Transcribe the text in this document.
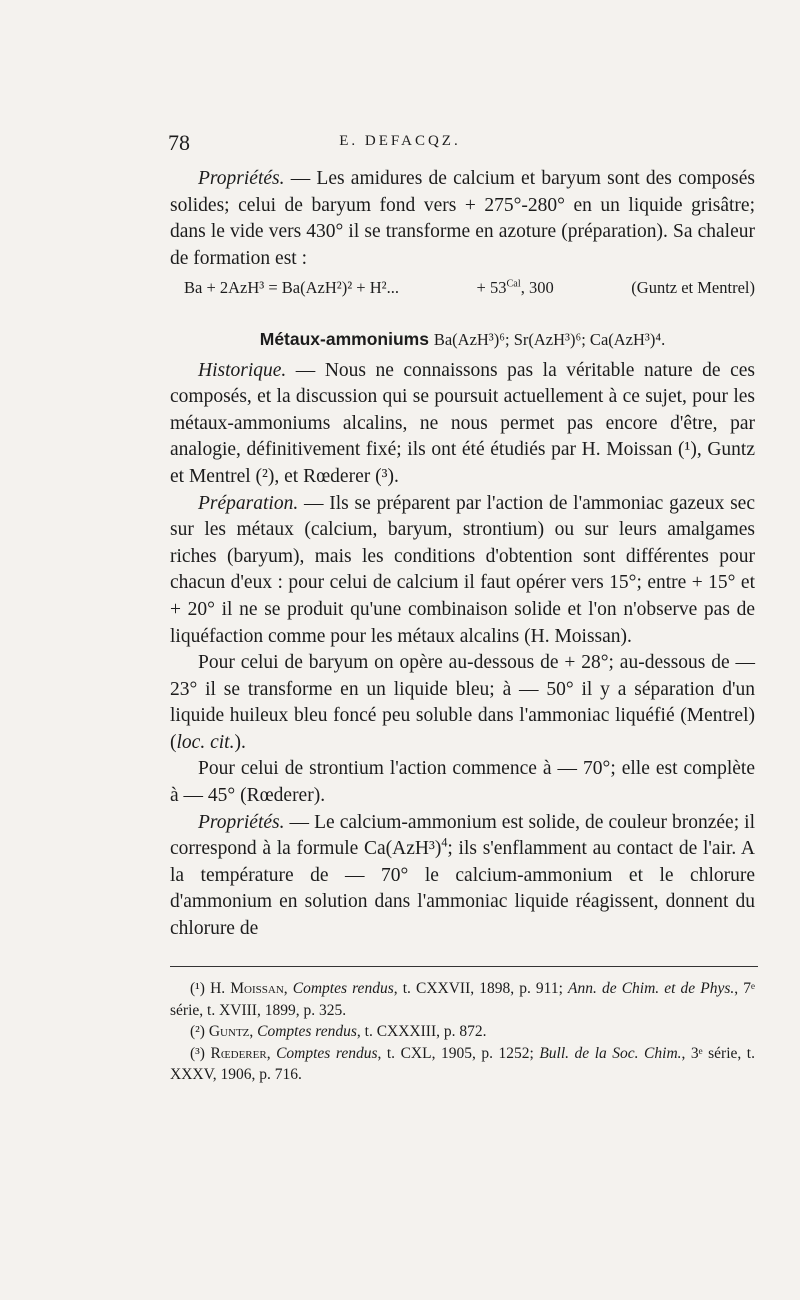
78	E. DEFACQZ.

Propriétés. — Les amidures de calcium et baryum sont des composés solides; celui de baryum fond vers + 275°-280° en un liquide grisâtre; dans le vide vers 430° il se transforme en azoture (préparation). Sa chaleur de formation est :

Ba + 2AzH³ = Ba(AzH²)² + H²...	+ $53^{Cal}$, 300	(Guntz et Mentrel)
Métaux-ammoniums Ba(AzH³)⁶; Sr(AzH³)⁶; Ca(AzH³)⁴.

Historique. — Nous ne connaissons pas la véritable nature de ces composés, et la discussion qui se poursuit actuellement à ce sujet, pour les métaux-ammoniums alcalins, ne nous permet pas encore d'être, par analogie, définitivement fixé; ils ont été étudiés par H. Moissan (¹), Guntz et Mentrel (²), et Rœderer (³).

Préparation. — Ils se préparent par l'action de l'ammoniac gazeux sec sur les métaux (calcium, baryum, strontium) ou sur leurs amalgames riches (baryum), mais les conditions d'obtention sont différentes pour chacun d'eux : pour celui de calcium il faut opérer vers 15°; entre + 15° et + 20° il ne se produit qu'une combinaison solide et l'on n'observe pas de liquéfaction comme pour les métaux alcalins (H. Moissan).

Pour celui de baryum on opère au-dessous de + 28°; au-dessous de — 23° il se transforme en un liquide bleu; à — 50° il y a séparation d'un liquide huileux bleu foncé peu soluble dans l'ammoniac liquéfié (Mentrel) (loc. cit.).

Pour celui de strontium l'action commence à — 70°; elle est complète à — 45° (Rœderer).

Propriétés. — Le calcium-ammonium est solide, de couleur bronzée; il correspond à la formule $Ca(AzH^3)^4$; ils s'enflamment au contact de l'air. A la température de — 70° le calcium-ammonium et le chlorure d'ammonium en solution dans l'ammoniac liquide réagissent, donnent du chlorure de

(¹) H. Moissan, Comptes rendus, t. CXXVII, 1898, p. 911; Ann. de Chim. et de Phys., 7ᵉ série, t. XVIII, 1899, p. 325.

(²) Guntz, Comptes rendus, t. CXXXIII, p. 872.

(³) Rœderer, Comptes rendus, t. CXL, 1905, p. 1252; Bull. de la Soc. Chim., 3ᵉ série, t. XXXV, 1906, p. 716.
